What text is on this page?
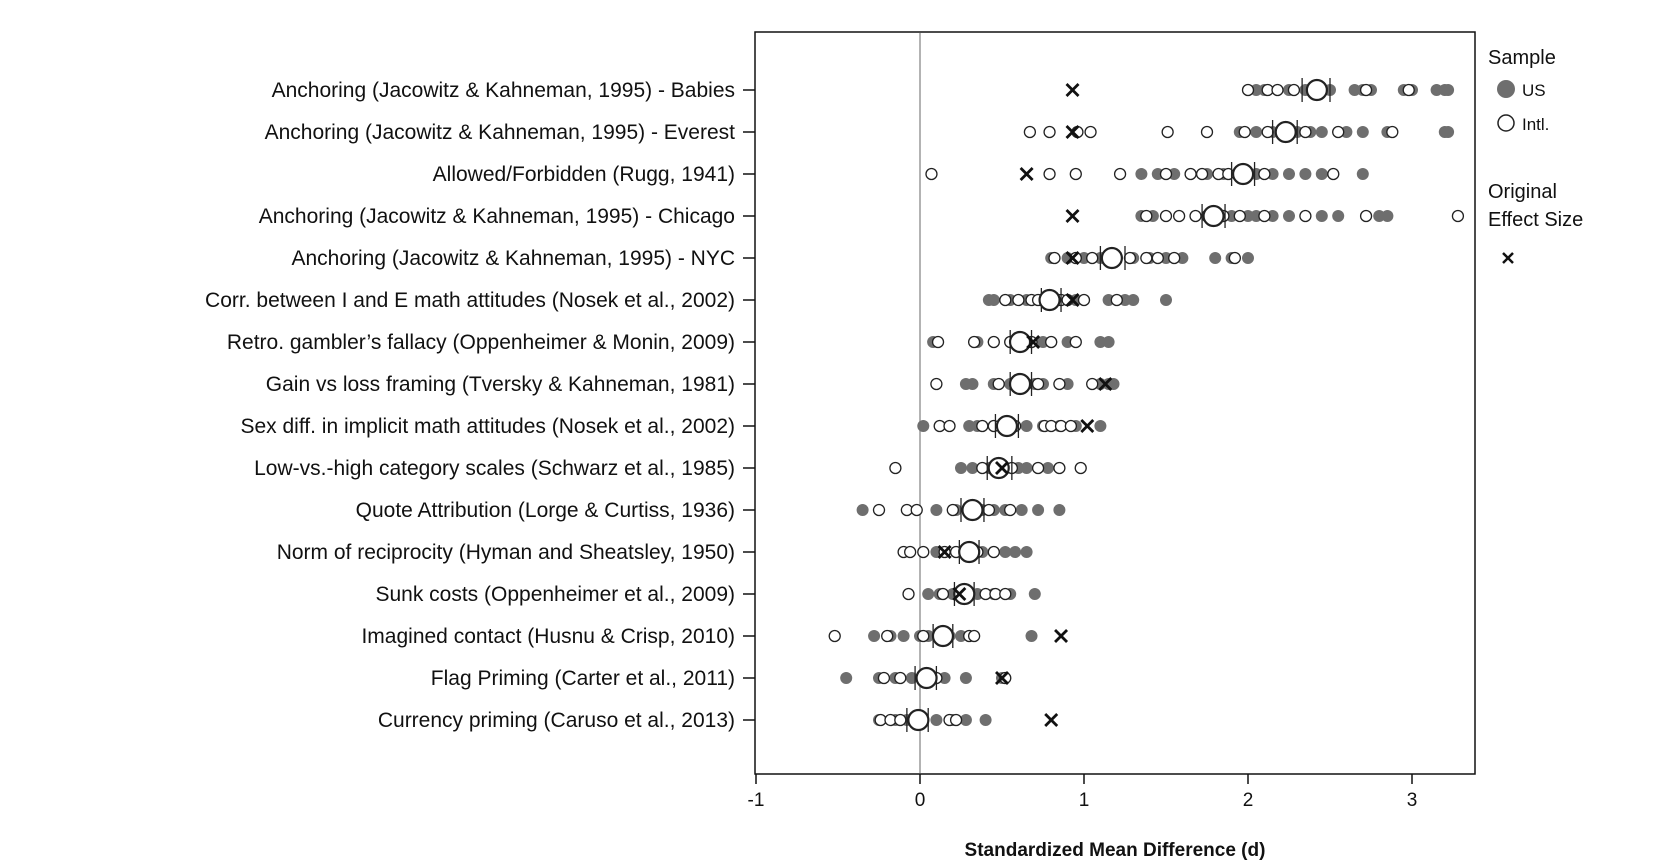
Anchoring (Jacowitz & Kahneman, 1995) - Babies
Anchoring (Jacowitz & Kahneman, 1995) - Everest
Allowed/Forbidden (Rugg, 1941)
Anchoring (Jacowitz & Kahneman, 1995) - Chicago
Anchoring (Jacowitz & Kahneman, 1995) - NYC
Corr. between I and E math attitudes (Nosek et al., 2002)
Retro. gambler’s fallacy (Oppenheimer & Monin, 2009)
Gain vs loss framing (Tversky & Kahneman, 1981)
Sex diff. in implicit math attitudes (Nosek et al., 2002)
Low-vs.-high category scales (Schwarz et al., 1985)
Quote Attribution (Lorge & Curtiss, 1936)
Norm of reciprocity (Hyman and Sheatsley, 1950)
Sunk costs (Oppenheimer et al., 2009)
Imagined contact (Husnu & Crisp, 2010)
Flag Priming (Carter et al., 2011)
Currency priming (Caruso et al., 2013)
-1	0	1	2	3
Standardized Mean Difference (d)
Sample
US
Intl.
Original
Effect Size
